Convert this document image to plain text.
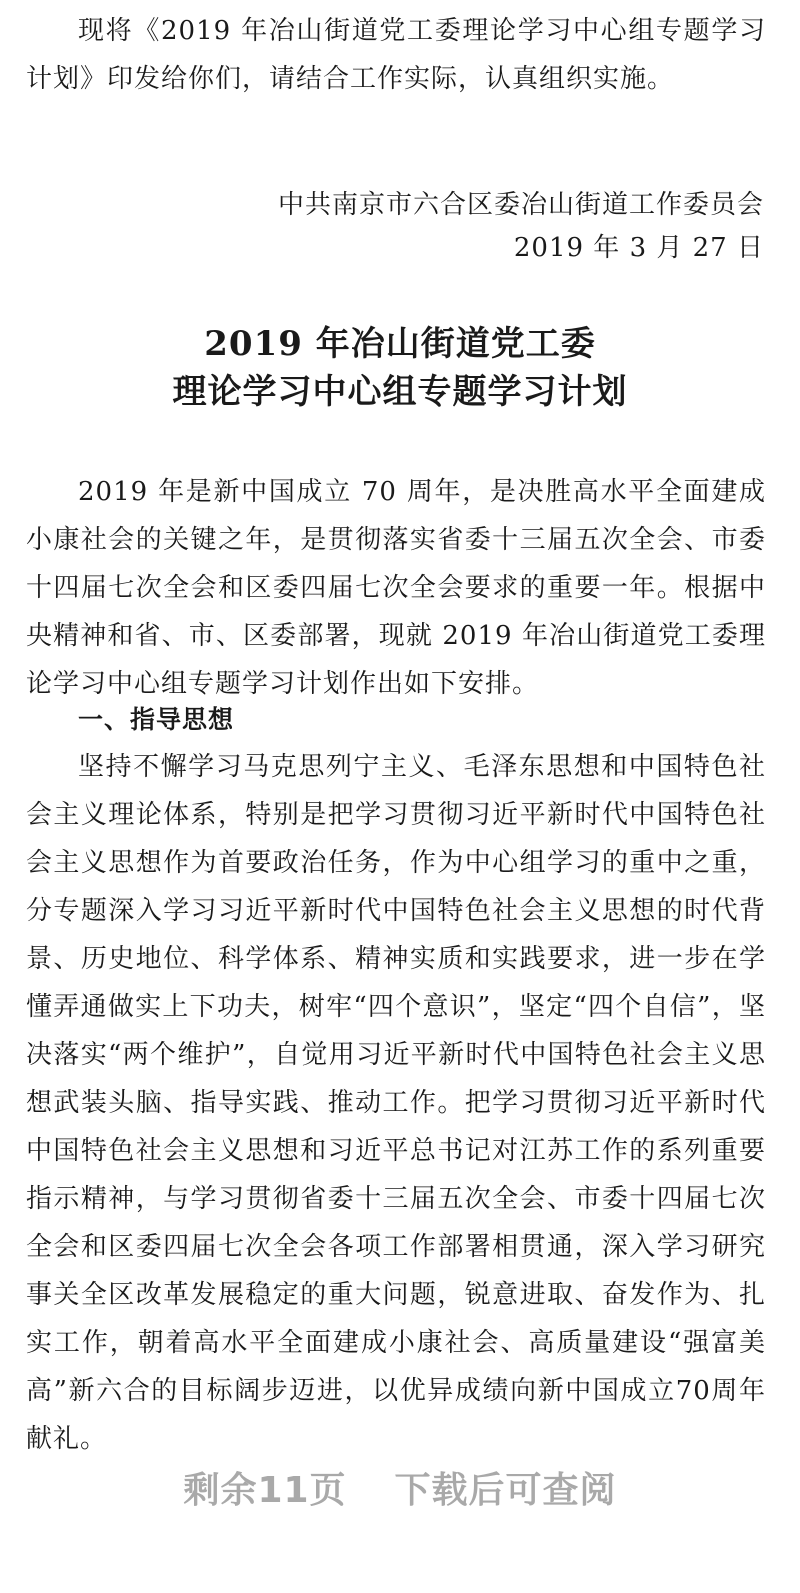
现将《2019 年冶山街道党工委理论学习中心组专题学习计划》印发给你们，请结合工作实际，认真组织实施。

中共南京市六合区委冶山街道工作委员会

2019 年 3 月 27 日

2019 年冶山街道党工委
理论学习中心组专题学习计划

2019 年是新中国成立 70 周年，是决胜高水平全面建成小康社会的关键之年，是贯彻落实省委十三届五次全会、市委十四届七次全会和区委四届七次全会要求的重要一年。根据中央精神和省、市、区委部署，现就 2019 年冶山街道党工委理论学习中心组专题学习计划作出如下安排。

一、指导思想

坚持不懈学习马克思列宁主义、毛泽东思想和中国特色社会主义理论体系，特别是把学习贯彻习近平新时代中国特色社会主义思想作为首要政治任务，作为中心组学习的重中之重，分专题深入学习习近平新时代中国特色社会主义思想的时代背景、历史地位、科学体系、精神实质和实践要求，进一步在学懂弄通做实上下功夫，树牢“四个意识”，坚定“四个自信”，坚决落实“两个维护”，自觉用习近平新时代中国特色社会主义思想武装头脑、指导实践、推动工作。把学习贯彻习近平新时代中国特色社会主义思想和习近平总书记对江苏工作的系列重要指示精神，与学习贯彻省委十三届五次全会、市委十四届七次全会和区委四届七次全会各项工作部署相贯通，深入学习研究事关全区改革发展稳定的重大问题，锐意进取、奋发作为、扎实工作，朝着高水平全面建成小康社会、高质量建设“强富美高”新六合的目标阔步迈进，以优异成绩向新中国成立70周年献礼。

剩余11页 下载后可查阅
